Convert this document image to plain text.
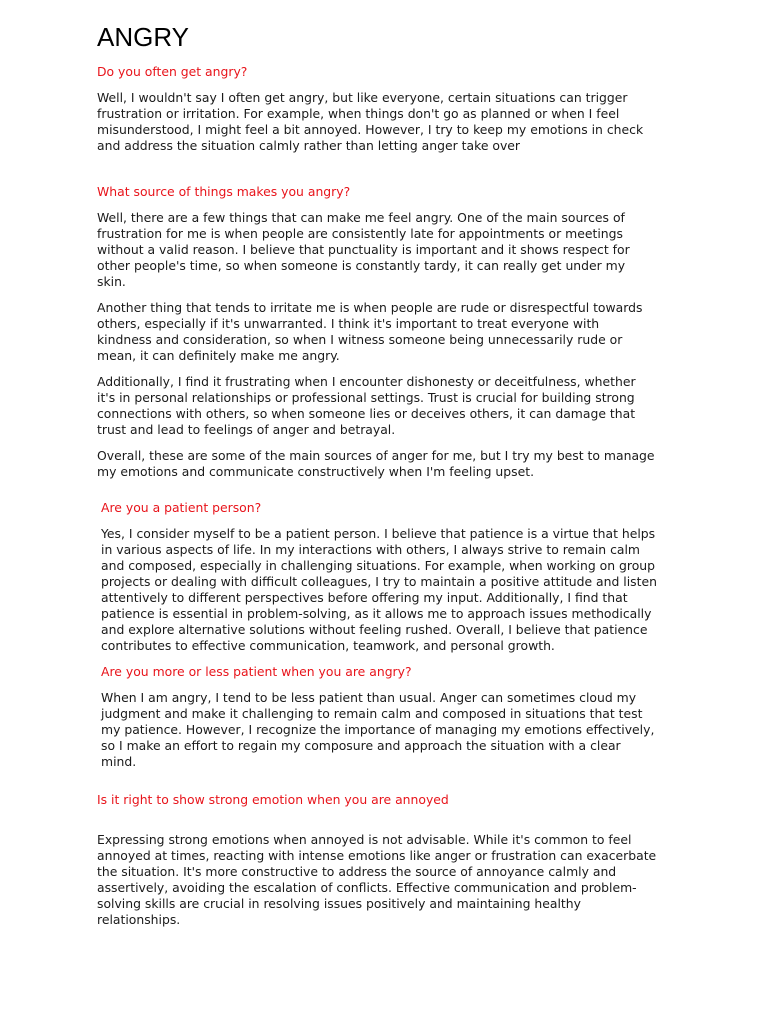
ANGRY

Do you often get angry?

Well, I wouldn't say I often get angry, but like everyone, certain situations can trigger frustration or irritation. For example, when things don't go as planned or when I feel misunderstood, I might feel a bit annoyed. However, I try to keep my emotions in check and address the situation calmly rather than letting anger take over

What source of things makes you angry?

Well, there are a few things that can make me feel angry. One of the main sources of frustration for me is when people are consistently late for appointments or meetings without a valid reason. I believe that punctuality is important and it shows respect for other people's time, so when someone is constantly tardy, it can really get under my skin.

Another thing that tends to irritate me is when people are rude or disrespectful towards others, especially if it's unwarranted. I think it's important to treat everyone with kindness and consideration, so when I witness someone being unnecessarily rude or mean, it can definitely make me angry.

Additionally, I find it frustrating when I encounter dishonesty or deceitfulness, whether it's in personal relationships or professional settings. Trust is crucial for building strong connections with others, so when someone lies or deceives others, it can damage that trust and lead to feelings of anger and betrayal.

Overall, these are some of the main sources of anger for me, but I try my best to manage my emotions and communicate constructively when I'm feeling upset.

Are you a patient person?

Yes, I consider myself to be a patient person. I believe that patience is a virtue that helps in various aspects of life. In my interactions with others, I always strive to remain calm and composed, especially in challenging situations. For example, when working on group projects or dealing with difficult colleagues, I try to maintain a positive attitude and listen attentively to different perspectives before offering my input. Additionally, I find that patience is essential in problem-solving, as it allows me to approach issues methodically and explore alternative solutions without feeling rushed. Overall, I believe that patience contributes to effective communication, teamwork, and personal growth.

Are you more or less patient when you are angry?

When I am angry, I tend to be less patient than usual. Anger can sometimes cloud my judgment and make it challenging to remain calm and composed in situations that test my patience. However, I recognize the importance of managing my emotions effectively, so I make an effort to regain my composure and approach the situation with a clear mind.

Is it right to show strong emotion when you are annoyed

Expressing strong emotions when annoyed is not advisable. While it's common to feel annoyed at times, reacting with intense emotions like anger or frustration can exacerbate the situation. It's more constructive to address the source of annoyance calmly and assertively, avoiding the escalation of conflicts. Effective communication and problem-solving skills are crucial in resolving issues positively and maintaining healthy relationships.
